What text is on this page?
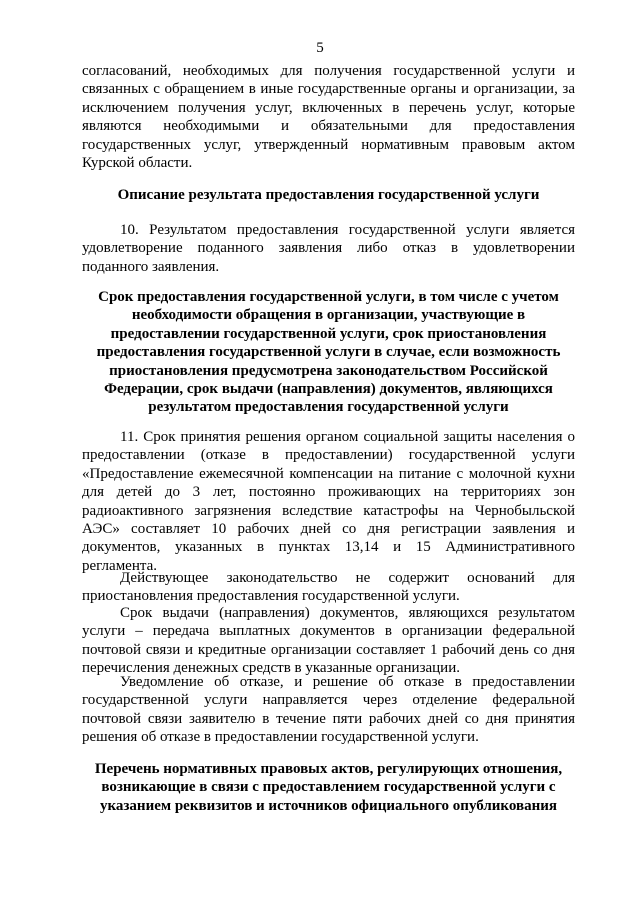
5

согласований, необходимых для получения государственной услуги и связанных с обращением в иные государственные органы и организации, за исключением получения услуг, включенных в перечень услуг, которые являются необходимыми и обязательными для предоставления государственных услуг, утвержденный нормативным правовым актом Курской области.

Описание результата предоставления государственной услуги

10. Результатом предоставления государственной услуги является удовлетворение поданного заявления либо отказ в удовлетворении поданного заявления.

Срок предоставления государственной услуги, в том числе с учетом необходимости обращения в организации, участвующие в предоставлении государственной услуги, срок приостановления предоставления государственной услуги в случае, если возможность приостановления предусмотрена законодательством Российской Федерации, срок выдачи (направления) документов, являющихся результатом предоставления государственной услуги

11. Срок принятия решения органом социальной защиты населения о предоставлении (отказе в предоставлении) государственной услуги «Предоставление ежемесячной компенсации на питание с молочной кухни для детей до 3 лет, постоянно проживающих на территориях зон радиоактивного загрязнения вследствие катастрофы на Чернобыльской АЭС» составляет 10 рабочих дней со дня регистрации заявления и документов, указанных в пунктах 13,14 и 15 Административного регламента.

Действующее законодательство не содержит оснований для приостановления предоставления государственной услуги.

Срок выдачи (направления) документов, являющихся результатом услуги – передача выплатных документов в организации федеральной почтовой связи и кредитные организации составляет 1 рабочий день со дня перечисления денежных средств в указанные организации.

Уведомление об отказе, и решение об отказе в предоставлении государственной услуги направляется через отделение федеральной почтовой связи заявителю в течение пяти рабочих дней со дня принятия решения об отказе в предоставлении государственной услуги.

Перечень нормативных правовых актов, регулирующих отношения, возникающие в связи с предоставлением государственной услуги с указанием реквизитов и источников официального опубликования
